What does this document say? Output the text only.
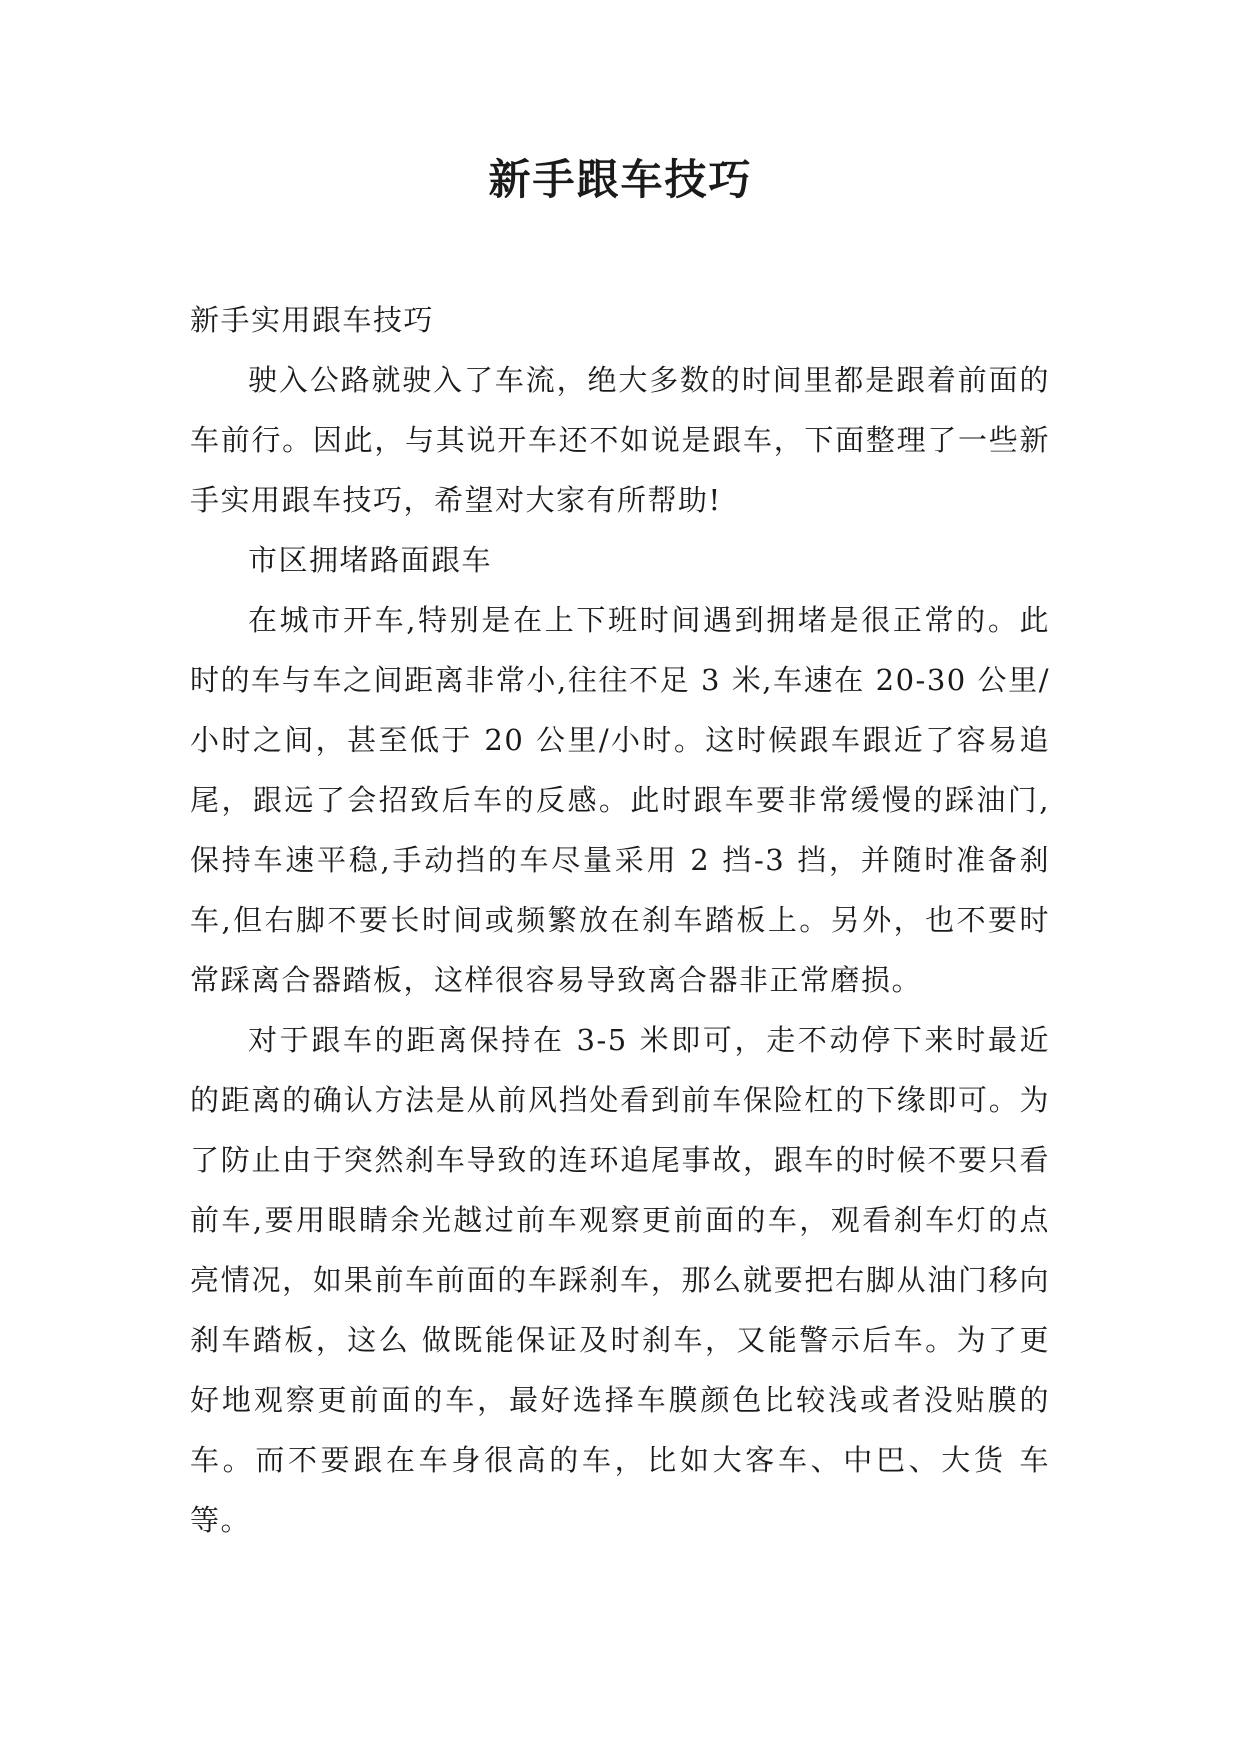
新手跟车技巧

新手实用跟车技巧

驶入公路就驶入了车流，绝大多数的时间里都是跟着前面的车前行。因此，与其说开车还不如说是跟车，下面整理了一些新手实用跟车技巧，希望对大家有所帮助!

市区拥堵路面跟车

在城市开车,特别是在上下班时间遇到拥堵是很正常的。此时的车与车之间距离非常小,往往不足 3 米,车速在 20-30 公里/小时之间，甚至低于 20 公里/小时。这时候跟车跟近了容易追尾，跟远了会招致后车的反感。此时跟车要非常缓慢的踩油门,保持车速平稳,手动挡的车尽量采用 2 挡-3 挡，并随时准备刹车,但右脚不要长时间或频繁放在刹车踏板上。另外，也不要时常踩离合器踏板，这样很容易导致离合器非正常磨损。

对于跟车的距离保持在 3-5 米即可，走不动停下来时最近的距离的确认方法是从前风挡处看到前车保险杠的下缘即可。为了防止由于突然刹车导致的连环追尾事故，跟车的时候不要只看前车,要用眼睛余光越过前车观察更前面的车，观看刹车灯的点亮情况，如果前车前面的车踩刹车，那么就要把右脚从油门移向刹车踏板，这么 做既能保证及时刹车，又能警示后车。为了更好地观察更前面的车，最好选择车膜颜色比较浅或者没贴膜的车。而不要跟在车身很高的车，比如大客车、中巴、大货 车等。
